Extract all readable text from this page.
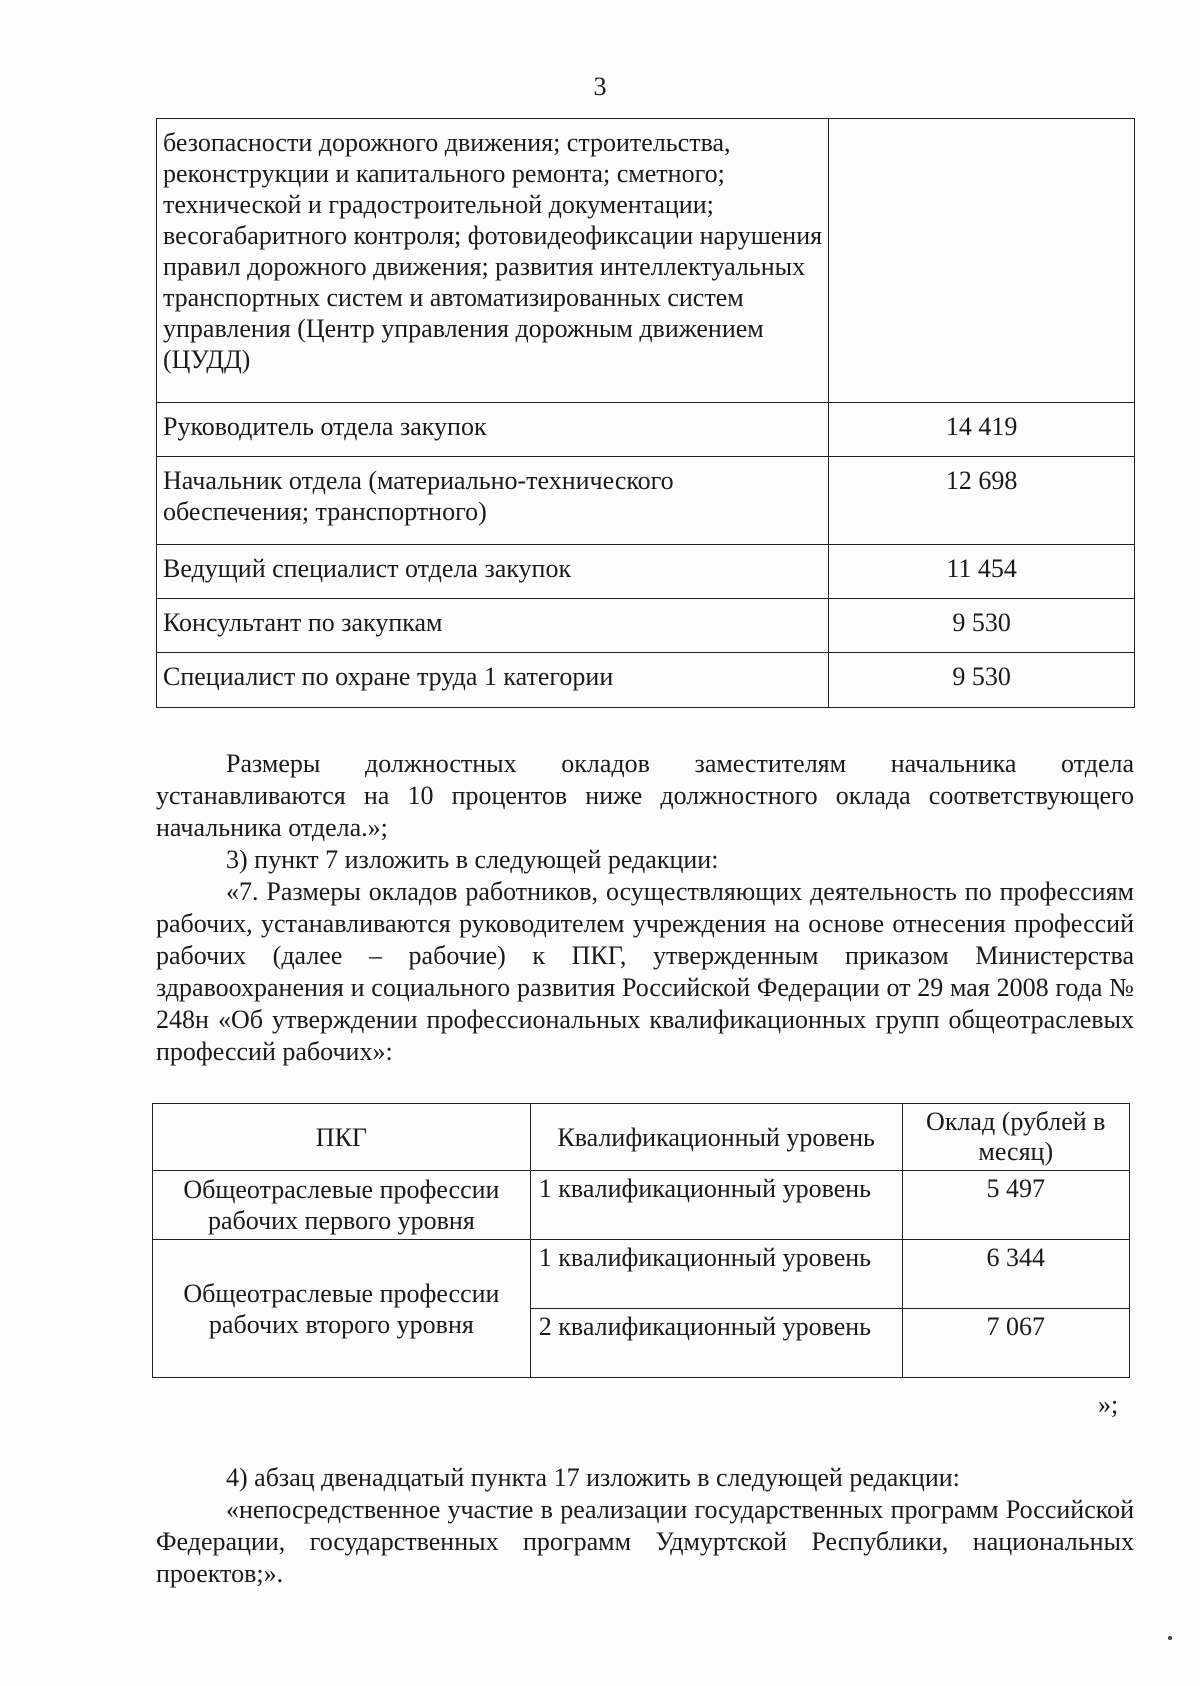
3
безопасности дорожного движения; строительства, реконструкции и капитального ремонта; сметного; технической и градостроительной документации; весогабаритного контроля; фотовидеофиксации нарушения правил дорожного движения; развития интеллектуальных транспортных систем и автоматизированных систем управления (Центр управления дорожным движением (ЦУДД)	
Руководитель отдела закупок	14 419
Начальник отдела (материально-технического обеспечения; транспортного)	12 698
Ведущий специалист отдела закупок	11 454
Консультант по закупкам	9 530
Специалист по охране труда 1 категории	9 530
Размеры должностных окладов заместителям начальника отдела устанавливаются на 10 процентов ниже должностного оклада соответствующего начальника отдела.»;
3) пункт 7 изложить в следующей редакции:
«7. Размеры окладов работников, осуществляющих деятельность по профессиям рабочих, устанавливаются руководителем учреждения на основе отнесения профессий рабочих (далее – рабочие) к ПКГ, утвержденным приказом Министерства здравоохранения и социального развития Российской Федерации от 29 мая 2008 года № 248н «Об утверждении профессиональных квалификационных групп общеотраслевых профессий рабочих»:
ПКГ	Квалификационный уровень	Оклад (рублей в месяц)
Общеотраслевые профессии рабочих первого уровня	1 квалификационный уровень	5 497
Общеотраслевые профессии рабочих второго уровня	1 квалификационный уровень	6 344
	2 квалификационный уровень	7 067
»;
4) абзац двенадцатый пункта 17 изложить в следующей редакции:
«непосредственное участие в реализации государственных программ Российской Федерации, государственных программ Удмуртской Республики, национальных проектов;».
